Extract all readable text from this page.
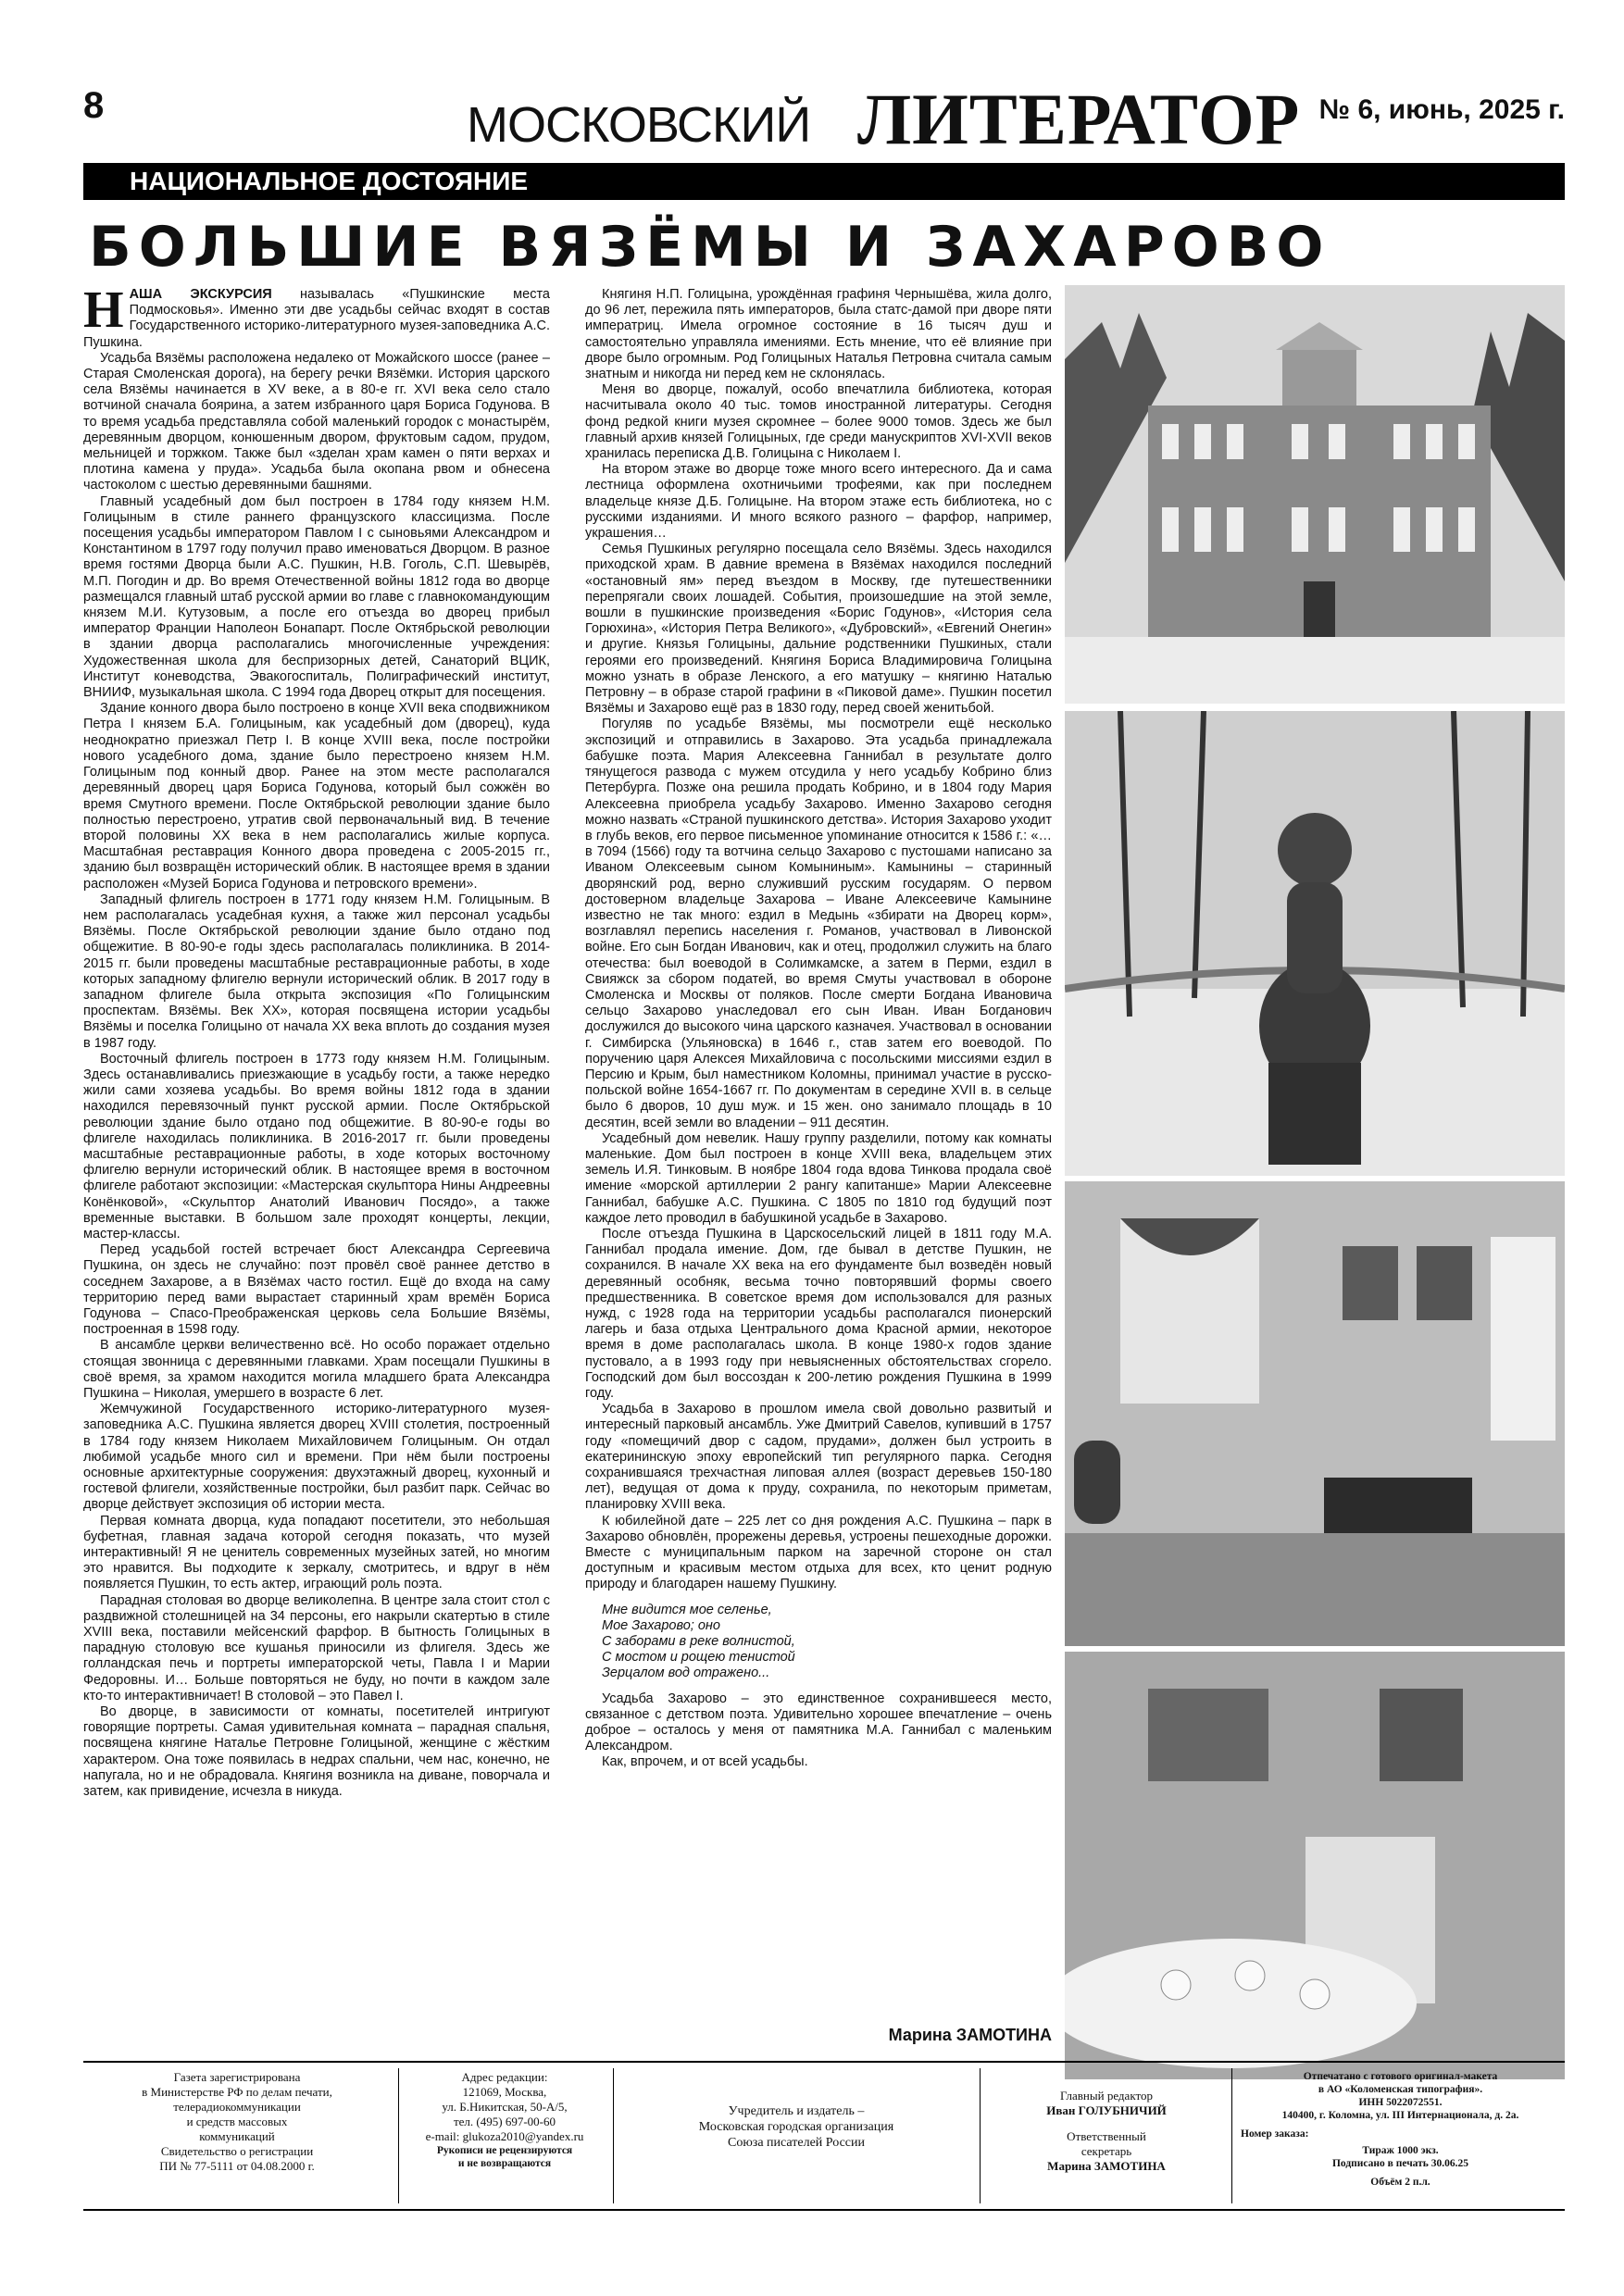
8	МОСКОВСКИЙ ЛИТЕРАТОР № 6, июнь, 2025 г.
НАЦИОНАЛЬНОЕ ДОСТОЯНИЕ
БОЛЬШИЕ ВЯЗЁМЫ И ЗАХАРОВО

НАША ЭКСКУРСИЯ называлась «Пушкинские места Подмосковья». Именно эти две усадьбы сейчас входят в состав Государственного историко-литературного музея-заповедника А.С. Пушкина.

Усадьба Вязёмы расположена недалеко от Можайского шоссе (ранее – Старая Смоленская дорога), на берегу речки Вязёмки. История царского села Вязёмы начинается в XV веке, а в 80-е гг. XVI века село стало вотчиной сначала боярина, а затем избранного царя Бориса Годунова. В то время усадьба представляла собой маленький городок с монастырём, деревянным дворцом, конюшенным двором, фруктовым садом, прудом, мельницей и торжком. Также был «зделан храм камен о пяти верхах и плотина камена у пруда». Усадьба была окопана рвом и обнесена частоколом с шестью деревянными башнями.

Главный усадебный дом был построен в 1784 году князем Н.М. Голицыным в стиле раннего французского классицизма. После посещения усадьбы императором Павлом I с сыновьями Александром и Константином в 1797 году получил право именоваться Дворцом. В разное время гостями Дворца были А.С. Пушкин, Н.В. Гоголь, С.П. Шевырёв, М.П. Погодин и др. Во время Отечественной войны 1812 года во дворце размещался главный штаб русской армии во главе с главнокомандующим князем М.И. Кутузовым, а после его отъезда во дворец прибыл император Франции Наполеон Бонапарт. После Октябрьской революции в здании дворца располагались многочисленные учреждения: Художественная школа для беспризорных детей, Санаторий ВЦИК, Институт коневодства, Эвакогоспиталь, Полиграфический институт, ВНИИФ, музыкальная школа. С 1994 года Дворец открыт для посещения.

Здание конного двора было построено в конце XVII века сподвижником Петра I князем Б.А. Голицыным, как усадебный дом (дворец), куда неоднократно приезжал Петр I. В конце XVIII века, после постройки нового усадебного дома, здание было перестроено князем Н.М. Голицыным под конный двор. Ранее на этом месте располагался деревянный дворец царя Бориса Годунова, который был сожжён во время Смутного времени. После Октябрьской революции здание было полностью перестроено, утратив свой первоначальный вид. В течение второй половины XX века в нем располагались жилые корпуса. Масштабная реставрация Конного двора проведена с 2005-2015 гг., зданию был возвращён исторический облик. В настоящее время в здании расположен «Музей Бориса Годунова и петровского времени».

Западный флигель построен в 1771 году князем Н.М. Голицыным. В нем располагалась усадебная кухня, а также жил персонал усадьбы Вязёмы. После Октябрьской революции здание было отдано под общежитие. В 80-90-е годы здесь располагалась поликлиника. В 2014-2015 гг. были проведены масштабные реставрационные работы, в ходе которых западному флигелю вернули исторический облик. В 2017 году в западном флигеле была открыта экспозиция «По Голицынским проспектам. Вязёмы. Век XX», которая посвящена истории усадьбы Вязёмы и поселка Голицыно от начала XX века вплоть до создания музея в 1987 году.

Восточный флигель построен в 1773 году князем Н.М. Голицыным. Здесь останавливались приезжающие в усадьбу гости, а также нередко жили сами хозяева усадьбы. Во время войны 1812 года в здании находился перевязочный пункт русской армии. После Октябрьской революции здание было отдано под общежитие. В 80-90-е годы во флигеле находилась поликлиника. В 2016-2017 гг. были проведены масштабные реставрационные работы, в ходе которых восточному флигелю вернули исторический облик. В настоящее время в восточном флигеле работают экспозиции: «Мастерская скульптора Нины Андреевны Конёнковой», «Скульптор Анатолий Иванович Посядо», а также временные выставки. В большом зале проходят концерты, лекции, мастер-классы.

Перед усадьбой гостей встречает бюст Александра Сергеевича Пушкина, он здесь не случайно: поэт провёл своё раннее детство в соседнем Захарове, а в Вязёмах часто гостил. Ещё до входа на саму территорию перед вами вырастает старинный храм времён Бориса Годунова – Спасо-Преображенская церковь села Большие Вязёмы, построенная в 1598 году.

В ансамбле церкви величественно всё. Но особо поражает отдельно стоящая звонница с деревянными главками. Храм посещали Пушкины в своё время, за храмом находится могила младшего брата Александра Пушкина – Николая, умершего в возрасте 6 лет.

Жемчужиной Государственного историко-литературного музея-заповедника А.С. Пушкина является дворец XVIII столетия, построенный в 1784 году князем Николаем Михайловичем Голицыным. Он отдал любимой усадьбе много сил и времени. При нём были построены основные архитектурные сооружения: двухэтажный дворец, кухонный и гостевой флигели, хозяйственные постройки, был разбит парк. Сейчас во дворце действует экспозиция об истории места.

Первая комната дворца, куда попадают посетители, это небольшая буфетная, главная задача которой сегодня показать, что музей интерактивный! Я не ценитель современных музейных затей, но многим это нравится. Вы подходите к зеркалу, смотритесь, и вдруг в нём появляется Пушкин, то есть актер, играющий роль поэта.

Парадная столовая во дворце великолепна. В центре зала стоит стол с раздвижной столешницей на 34 персоны, его накрыли скатертью в стиле XVIII века, поставили мейсенский фарфор. В бытность Голицыных в парадную столовую все кушанья приносили из флигеля. Здесь же голландская печь и портреты императорской четы, Павла I и Марии Федоровны. И… Больше повторяться не буду, но почти в каждом зале кто-то интерактивничает! В столовой – это Павел I.

Во дворце, в зависимости от комнаты, посетителей интригуют говорящие портреты. Самая удивительная комната – парадная спальня, посвящена княгине Наталье Петровне Голицыной, женщине с жёстким характером. Она тоже появилась в недрах спальни, чем нас, конечно, не напугала, но и не обрадовала. Княгиня возникла на диване, поворчала и затем, как привидение, исчезла в никуда.

Княгиня Н.П. Голицына, урождённая графиня Чернышёва, жила долго, до 96 лет, пережила пять императоров, была статс-дамой при дворе пяти императриц. Имела огромное состояние в 16 тысяч душ и самостоятельно управляла имениями. Есть мнение, что её влияние при дворе было огромным. Род Голицыных Наталья Петровна считала самым знатным и никогда ни перед кем не склонялась.

Меня во дворце, пожалуй, особо впечатлила библиотека, которая насчитывала около 40 тыс. томов иностранной литературы. Сегодня фонд редкой книги музея скромнее – более 9000 томов. Здесь же был главный архив князей Голицыных, где среди манускриптов XVI-XVII веков хранилась переписка Д.В. Голицына с Николаем I.

На втором этаже во дворце тоже много всего интересного. Да и сама лестница оформлена охотничьими трофеями, как при последнем владельце князе Д.Б. Голицыне. На втором этаже есть библиотека, но с русскими изданиями. И много всякого разного – фарфор, например, украшения…

Семья Пушкиных регулярно посещала село Вязёмы. Здесь находился приходской храм. В давние времена в Вязёмах находился последний «остановный ям» перед въездом в Москву, где путешественники перепрягали своих лошадей. События, произошедшие на этой земле, вошли в пушкинские произведения «Борис Годунов», «История села Горюхина», «История Петра Великого», «Дубровский», «Евгений Онегин» и другие. Князья Голицыны, дальние родственники Пушкиных, стали героями его произведений. Княгиня Бориса Владимировича Голицына можно узнать в образе Ленского, а его матушку – княгиню Наталью Петровну – в образе старой графини в «Пиковой даме». Пушкин посетил Вязёмы и Захарово ещё раз в 1830 году, перед своей женитьбой.

Погуляв по усадьбе Вязёмы, мы посмотрели ещё несколько экспозиций и отправились в Захарово. Эта усадьба принадлежала бабушке поэта. Мария Алексеевна Ганнибал в результате долго тянущегося развода с мужем отсудила у него усадьбу Кобрино близ Петербурга. Позже она решила продать Кобрино, и в 1804 году Мария Алексеевна приобрела усадьбу Захарово. Именно Захарово сегодня можно назвать «Страной пушкинского детства». История Захарово уходит в глубь веков, его первое письменное упоминание относится к 1586 г.: «… в 7094 (1566) году та вотчина сельцо Захарово с пустошами написано за Иваном Олексеевым сыном Комыниным». Камынины – старинный дворянский род, верно служивший русским государям. О первом достоверном владельце Захарова – Иване Алексеевиче Камынине известно не так много: ездил в Медынь «збирати на Дворец корм», возглавлял перепись населения г. Романов, участвовал в Ливонской войне. Его сын Богдан Иванович, как и отец, продолжил служить на благо отечества: был воеводой в Солимкамске, а затем в Перми, ездил в Свияжск за сбором податей, во время Смуты участвовал в обороне Смоленска и Москвы от поляков. После смерти Богдана Ивановича сельцо Захарово унаследовал его сын Иван. Иван Богданович дослужился до высокого чина царского казначея. Участвовал в основании г. Симбирска (Ульяновска) в 1646 г., став затем его воеводой. По поручению царя Алексея Михайловича с посольскими миссиями ездил в Персию и Крым, был наместником Коломны, принимал участие в русско-польской войне 1654-1667 гг. По документам в середине XVII в. в сельце было 6 дворов, 10 душ муж. и 15 жен. оно занимало площадь в 10 десятин, всей земли во владении – 911 десятин.

Усадебный дом невелик. Нашу группу разделили, потому как комнаты маленькие. Дом был построен в конце XVIII века, владельцем этих земель И.Я. Тинковым. В ноябре 1804 года вдова Тинкова продала своё имение «морской артиллерии 2 рангу капитанше» Марии Алексеевне Ганнибал, бабушке А.С. Пушкина. С 1805 по 1810 год будущий поэт каждое лето проводил в бабушкиной усадьбе в Захарово.

После отъезда Пушкина в Царскосельский лицей в 1811 году М.А. Ганнибал продала имение. Дом, где бывал в детстве Пушкин, не сохранился. В начале XX века на его фундаменте был возведён новый деревянный особняк, весьма точно повторявший формы своего предшественника. В советское время дом использовался для разных нужд, с 1928 года на территории усадьбы располагался пионерский лагерь и база отдыха Центрального дома Красной армии, некоторое время в доме располагалась школа. В конце 1980-х годов здание пустовало, а в 1993 году при невыясненных обстоятельствах сгорело. Господский дом был воссоздан к 200-летию рождения Пушкина в 1999 году.

Усадьба в Захарово в прошлом имела свой довольно развитый и интересный парковый ансамбль. Уже Дмитрий Савелов, купивший в 1757 году «помещичий двор с садом, прудами», должен был устроить в екатерининскую эпоху европейский тип регулярного парка. Сегодня сохранившаяся трехчастная липовая аллея (возраст деревьев 150-180 лет), ведущая от дома к пруду, сохранила, по некоторым приметам, планировку XVIII века.

К юбилейной дате – 225 лет со дня рождения А.С. Пушкина – парк в Захарово обновлён, прорежены деревья, устроены пешеходные дорожки. Вместе с муниципальным парком на заречной стороне он стал доступным и красивым местом отдыха для всех, кто ценит родную природу и благодарен нашему Пушкину.

Мне видится мое селенье,
Мое Захарово; оно
С заборами в реке волнистой,
С мостом и рощею тенистой
Зерцалом вод отражено...

Усадьба Захарово – это единственное сохранившееся место, связанное с детством поэта. Удивительно хорошее впечатление – очень доброе – осталось у меня от памятника М.А. Ганнибал с маленьким Александром.

Как, впрочем, и от всей усадьбы.

Марина ЗАМОТИНА
Газета зарегистрирована
в Министерстве РФ по делам печати,
телерадиокоммуникации
и средств массовых
коммуникаций
Свидетельство о регистрации
ПИ № 77-5111 от 04.08.2000 г.
Адрес редакции:
121069, Москва,
ул. Б.Никитская, 50-А/5,
тел. (495) 697-00-60
e-mail: glukoza2010@yandex.ru
Рукописи не рецензируются
и не возвращаются
Учредитель и издатель –
Московская городская организация
Союза писателей России
Главный редактор
Иван ГОЛУБНИЧИЙ
Ответственный
секретарь
Марина ЗАМОТИНА
Отпечатано с готового оригинал-макета
в АО «Коломенская типография».
ИНН 5022072551.
140400, г. Коломна, ул. III Интернационала, д. 2а.
Номер заказа:
Тираж 1000 экз.
Подписано в печать 30.06.25
Объём 2 п.л.
